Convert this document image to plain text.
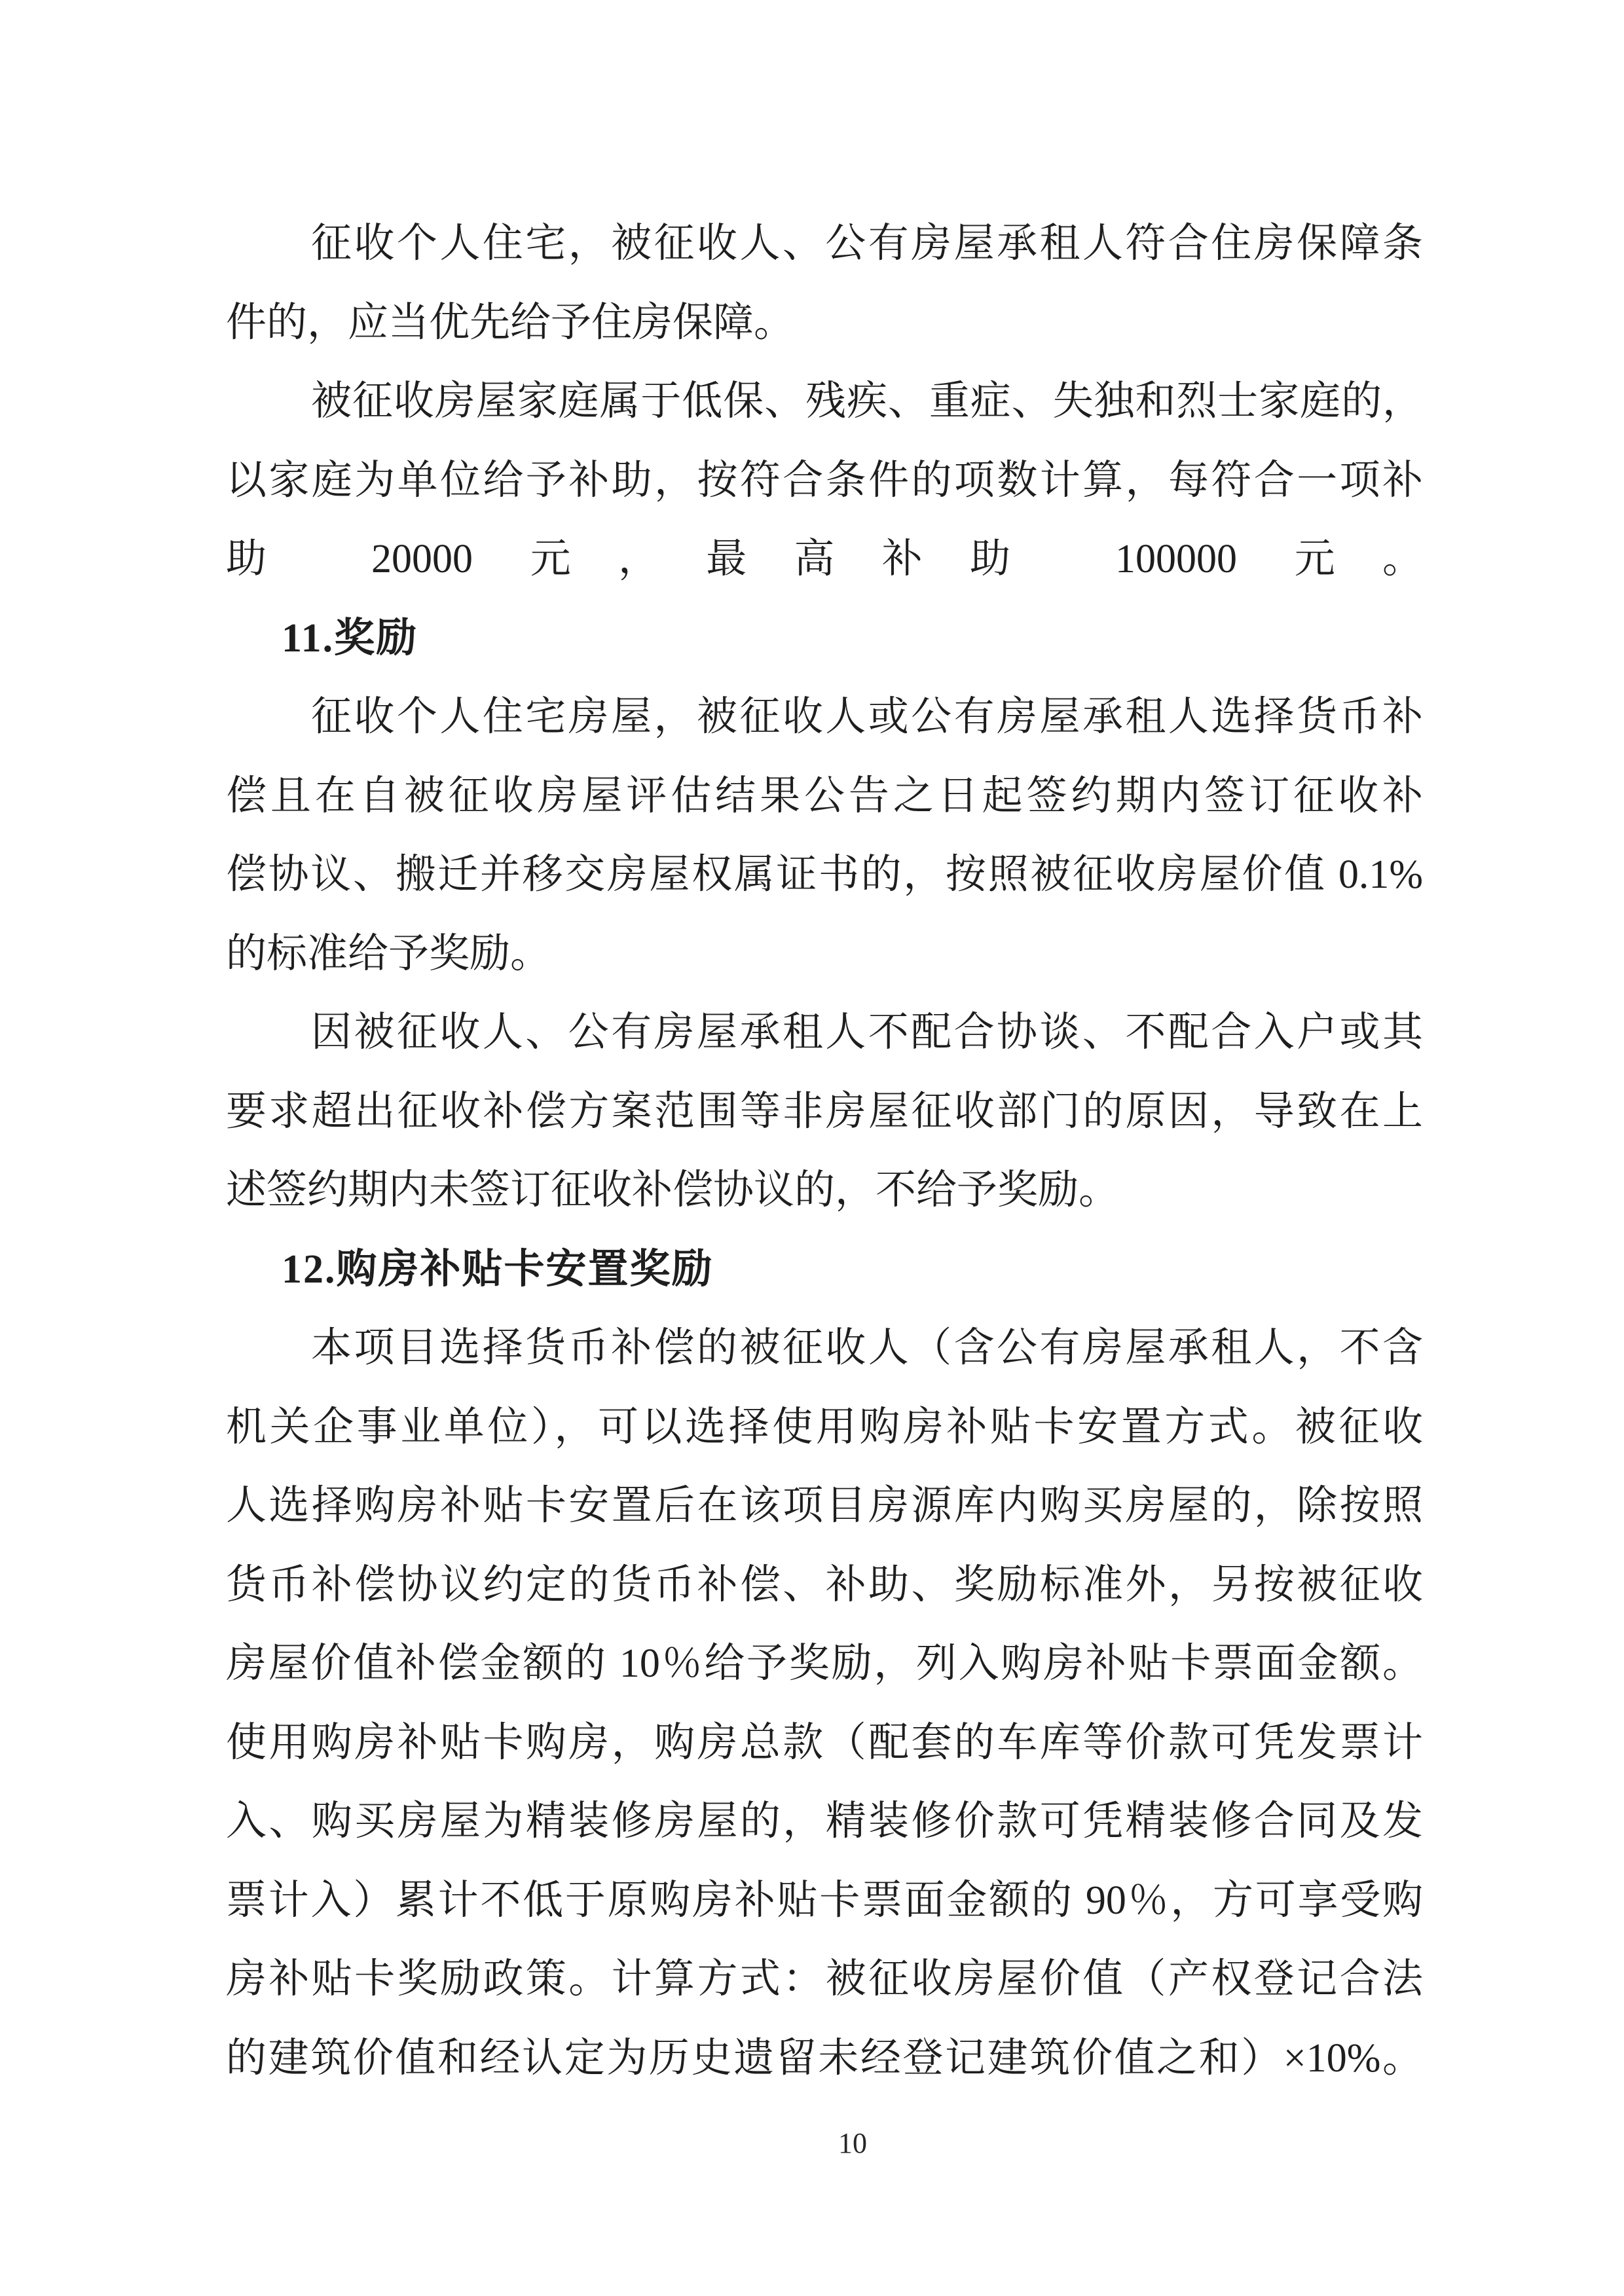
征收个人住宅，被征收人、公有房屋承租人符合住房保障条
件的，应当优先给予住房保障。
被征收房屋家庭属于低保、残疾、重症、失独和烈士家庭的，
以家庭为单位给予补助，按符合条件的项数计算，每符合一项补
助 20000 元，最高补助 100000 元。
11.奖励
征收个人住宅房屋，被征收人或公有房屋承租人选择货币补
偿且在自被征收房屋评估结果公告之日起签约期内签订征收补
偿协议、搬迁并移交房屋权属证书的，按照被征收房屋价值 0.1%
的标准给予奖励。
因被征收人、公有房屋承租人不配合协谈、不配合入户或其
要求超出征收补偿方案范围等非房屋征收部门的原因，导致在上
述签约期内未签订征收补偿协议的，不给予奖励。
12.购房补贴卡安置奖励
本项目选择货币补偿的被征收人（含公有房屋承租人，不含
机关企事业单位），可以选择使用购房补贴卡安置方式。被征收
人选择购房补贴卡安置后在该项目房源库内购买房屋的，除按照
货币补偿协议约定的货币补偿、补助、奖励标准外，另按被征收
房屋价值补偿金额的 10％给予奖励，列入购房补贴卡票面金额。
使用购房补贴卡购房，购房总款（配套的车库等价款可凭发票计
入、购买房屋为精装修房屋的，精装修价款可凭精装修合同及发
票计入）累计不低于原购房补贴卡票面金额的 90％，方可享受购
房补贴卡奖励政策。计算方式：被征收房屋价值（产权登记合法
的建筑价值和经认定为历史遗留未经登记建筑价值之和）×10%。
10
